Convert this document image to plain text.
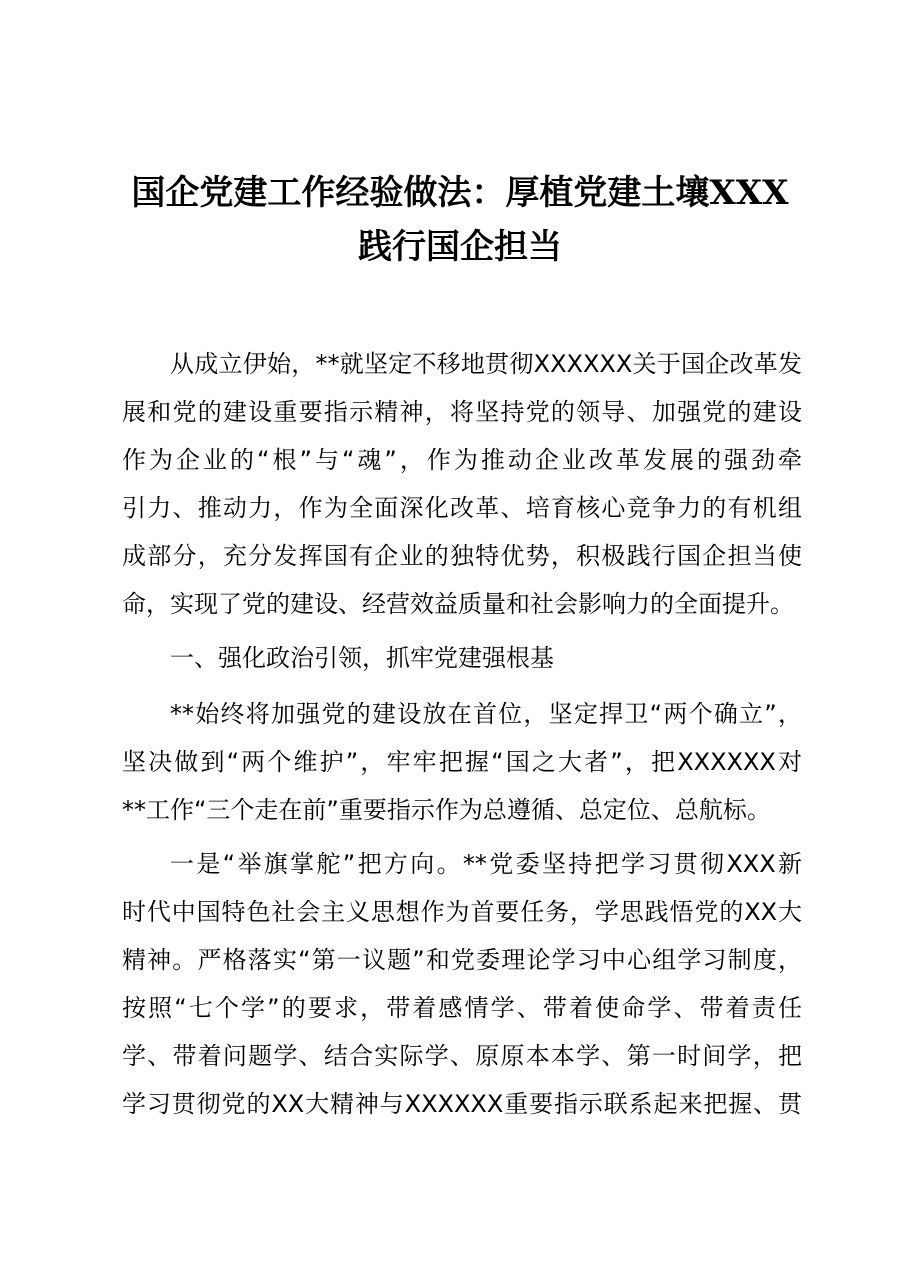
国企党建工作经验做法：厚植党建土壤XXX
践行国企担当
从成立伊始，**就坚定不移地贯彻XXXXXX关于国企改革发
展和党的建设重要指示精神，将坚持党的领导、加强党的建设
作为企业的“根”与“魂”，作为推动企业改革发展的强劲牵
引力、推动力，作为全面深化改革、培育核心竞争力的有机组
成部分，充分发挥国有企业的独特优势，积极践行国企担当使
命，实现了党的建设、经营效益质量和社会影响力的全面提升。
一、强化政治引领，抓牢党建强根基
**始终将加强党的建设放在首位，坚定捍卫“两个确立”，
坚决做到“两个维护”，牢牢把握“国之大者”，把XXXXXX对
**工作“三个走在前”重要指示作为总遵循、总定位、总航标。
一是“举旗掌舵”把方向。**党委坚持把学习贯彻XXX新
时代中国特色社会主义思想作为首要任务，学思践悟党的XX大
精神。严格落实“第一议题”和党委理论学习中心组学习制度，
按照“七个学”的要求，带着感情学、带着使命学、带着责任
学、带着问题学、结合实际学、原原本本学、第一时间学，把
学习贯彻党的XX大精神与XXXXXX重要指示联系起来把握、贯
